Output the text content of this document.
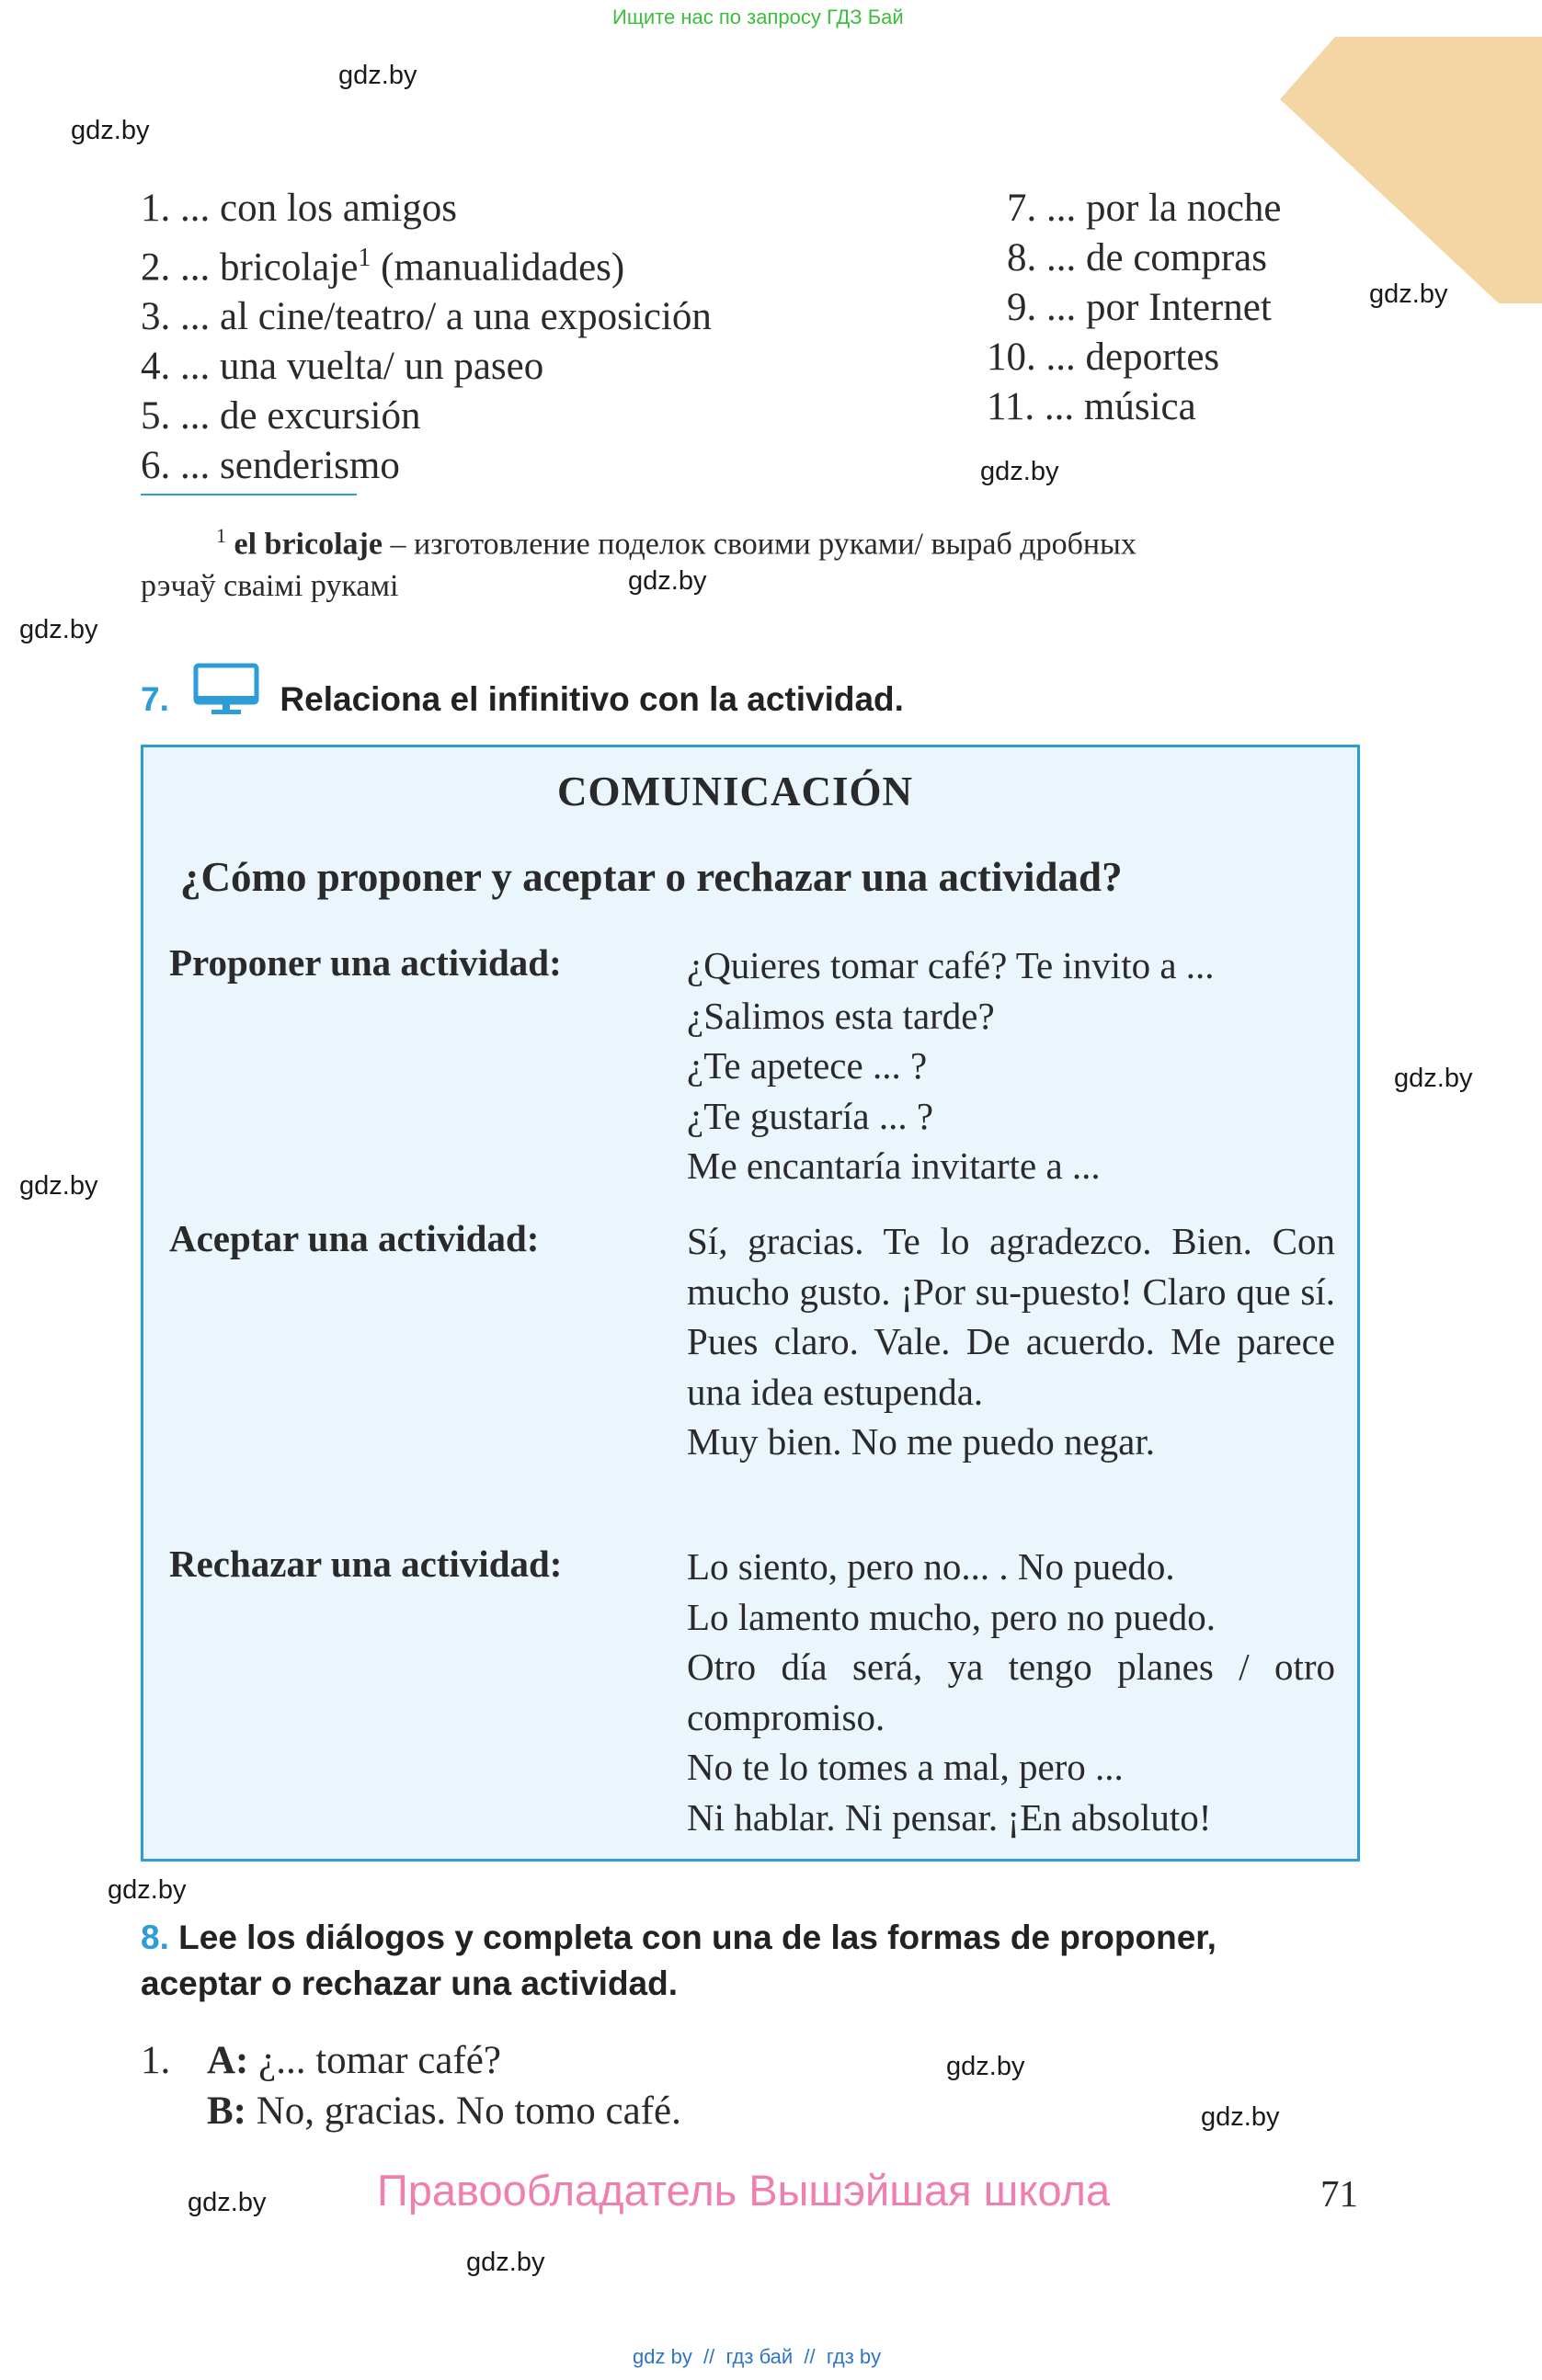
Ищите нас по запросу ГДЗ Бай
gdz.by
gdz.by
gdz.by
gdz.by
gdz.by
gdz.by
gdz.by
gdz.by
gdz.by
gdz.by
gdz.by
gdz.by
gdz.by
1. ... con los amigos
2. ... bricolaje$^1$ (manualidades)
3. ... al cine/teatro/ a una exposición
4. ... una vuelta/ un paseo
5. ... de excursión
6. ... senderismo
7. ... por la noche
8. ... de compras
9. ... por Internet
10. ... deportes
11. ... música
$^1$ el bricolaje – изготовление поделок своими руками/ выраб дробных
рэчаў сваімі рукамі
7.	Relaciona el infinitivo con la actividad.
COMUNICACIÓN
¿Cómo proponer y aceptar o rechazar una actividad?
Proponer una actividad:	¿Quieres tomar café? Te invito a ...
¿Salimos esta tarde?
¿Te apetece ... ?
¿Te gustaría ... ?
Me encantaría invitarte a ...
Aceptar una actividad:	Sí, gracias. Te lo agradezco. Bien. Con mucho gusto. ¡Por su-puesto! Claro que sí. Pues claro. Vale. De acuerdo. Me parece una idea estupenda.
Muy bien. No me puedo negar.
Rechazar una actividad:	Lo siento, pero no... . No puedo.
Lo lamento mucho, pero no puedo.
Otro día será, ya tengo planes / otro compromiso.
No te lo tomes a mal, pero ...
Ni hablar. Ni pensar. ¡En absoluto!
8. Lee los diálogos y completa con una de las formas de proponer,
aceptar o rechazar una actividad.
1. A: ¿... tomar café?
B: No, gracias. No tomo café.
Правообладатель Вышэйшая школа	71
gdz by  //  гдз бай  //  гдз by
